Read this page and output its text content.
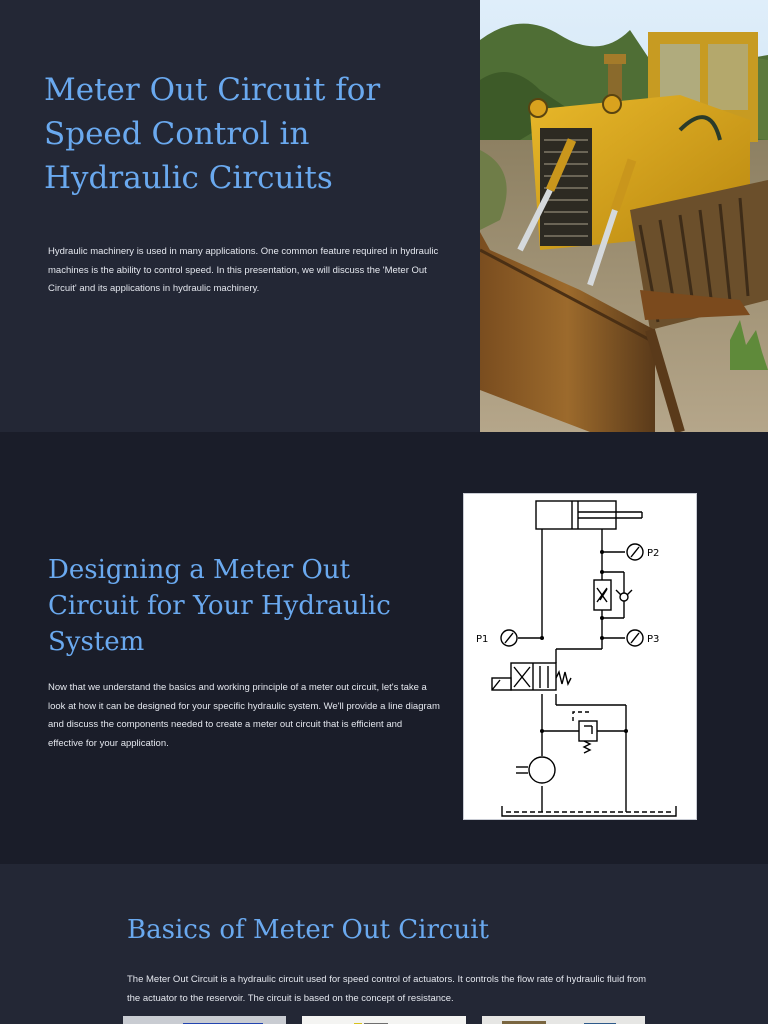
Meter Out Circuit for Speed Control in Hydraulic Circuits

Hydraulic machinery is used in many applications. One common feature required in hydraulic machines is the ability to control speed. In this presentation, we will discuss the 'Meter Out Circuit' and its applications in hydraulic machinery.

Designing a Meter Out Circuit for Your Hydraulic System

Now that we understand the basics and working principle of a meter out circuit, let's take a look at how it can be designed for your specific hydraulic system. We'll provide a line diagram and discuss the components needed to create a meter out circuit that is efficient and effective for your application.

P2
P1	P3
Basics of Meter Out Circuit

The Meter Out Circuit is a hydraulic circuit used for speed control of actuators. It controls the flow rate of hydraulic fluid from the actuator to the reservoir. The circuit is based on the concept of resistance.
